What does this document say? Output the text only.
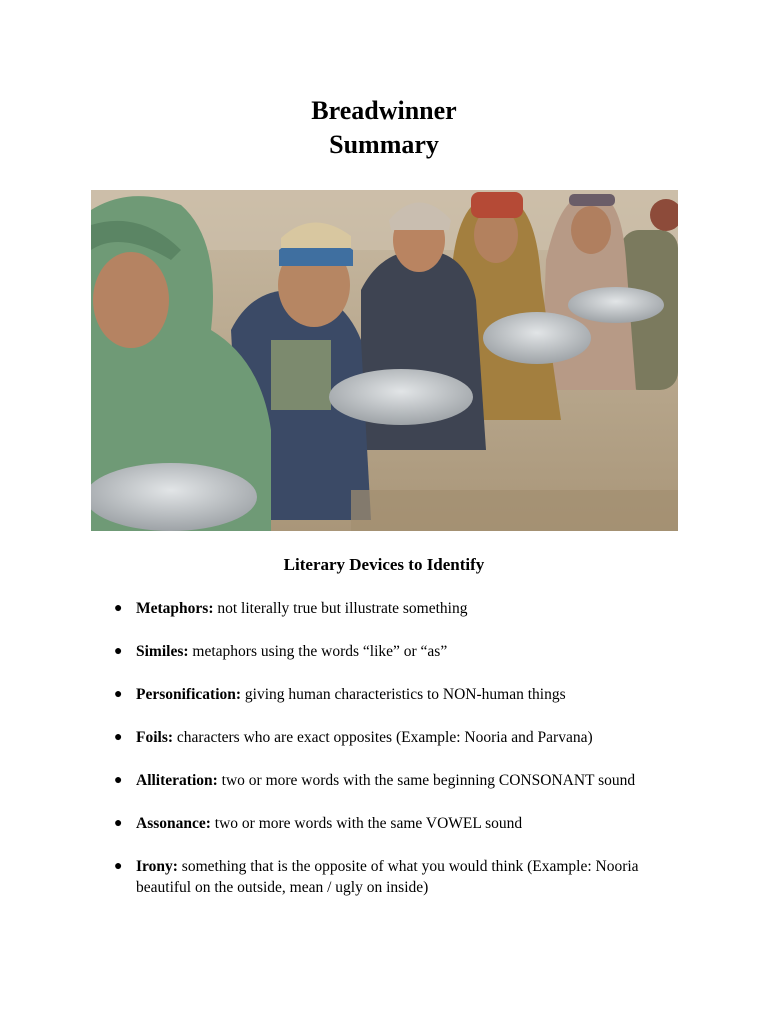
Breadwinner
Summary
Literary Devices to Identify
● Metaphors: not literally true but illustrate something
● Similes: metaphors using the words “like” or “as”
● Personification: giving human characteristics to NON-human things
● Foils: characters who are exact opposites (Example: Nooria and Parvana)
● Alliteration: two or more words with the same beginning CONSONANT sound
● Assonance: two or more words with the same VOWEL sound
● Irony: something that is the opposite of what you would think (Example: Nooria beautiful on the outside, mean / ugly on inside)
